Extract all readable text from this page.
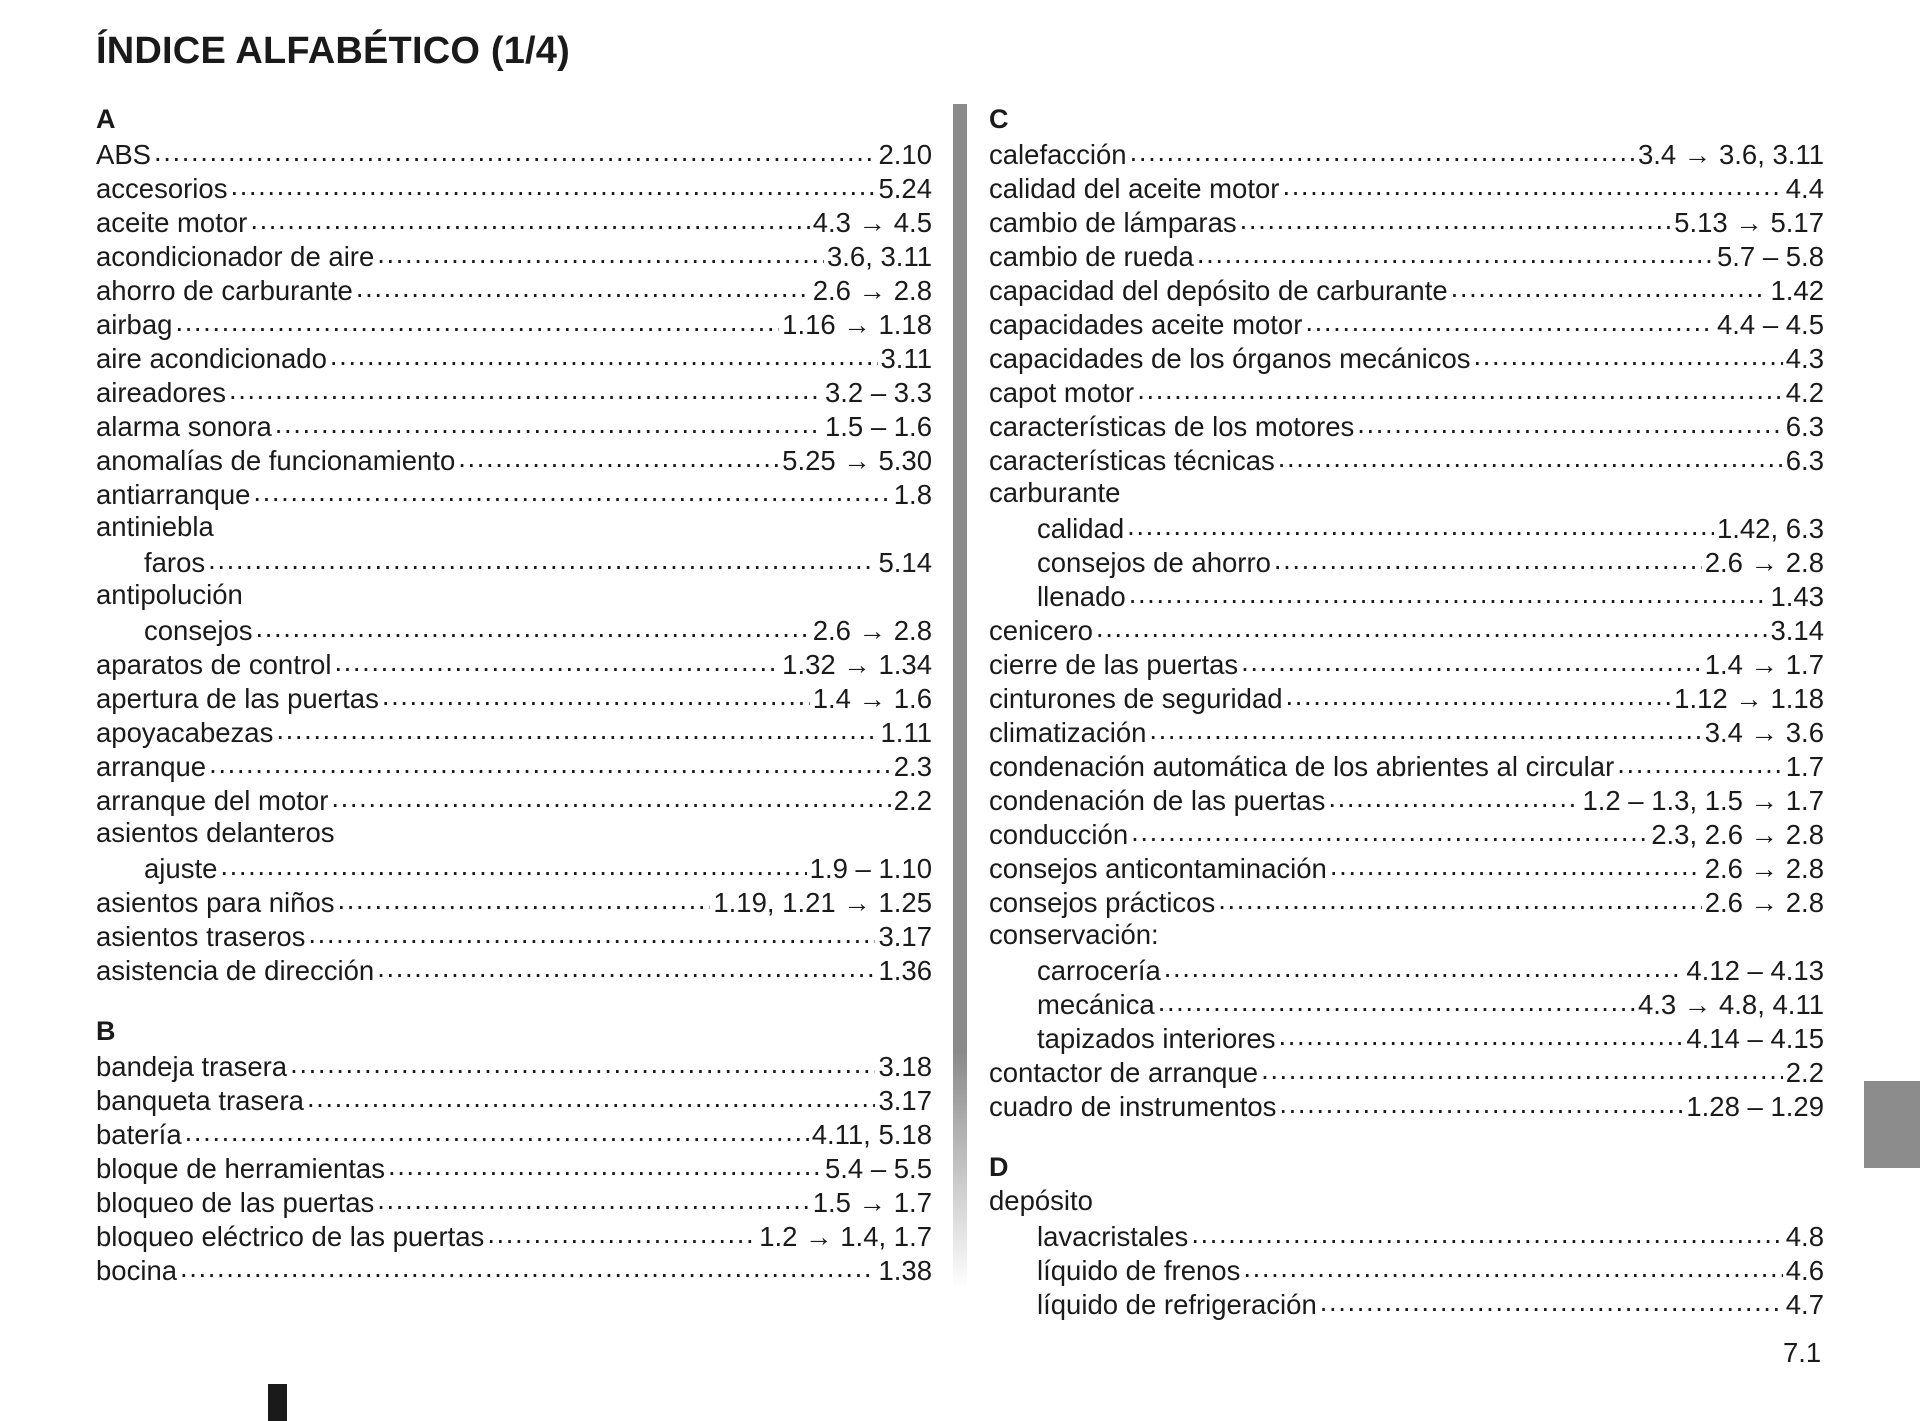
ÍNDICE ALFABÉTICO (1/4)
A
ABS .....	2.10
accesorios .....	5.24
aceite motor .....	4.3 → 4.5
acondicionador de aire .....	3.6, 3.11
ahorro de carburante .....	2.6 → 2.8
airbag .....	1.16 → 1.18
aire acondicionado .....	3.11
aireadores .....	3.2 – 3.3
alarma sonora .....	1.5 – 1.6
anomalías de funcionamiento .....	5.25 → 5.30
antiarranque .....	1.8
antiniebla
faros .....	5.14
antipolución
consejos .....	2.6 → 2.8
aparatos de control .....	1.32 → 1.34
apertura de las puertas .....	1.4 → 1.6
apoyacabezas .....	1.11
arranque .....	2.3
arranque del motor .....	2.2
asientos delanteros
ajuste .....	1.9 – 1.10
asientos para niños .....	1.19, 1.21 → 1.25
asientos traseros .....	3.17
asistencia de dirección .....	1.36
B
bandeja trasera .....	3.18
banqueta trasera .....	3.17
batería .....	4.11, 5.18
bloque de herramientas .....	5.4 – 5.5
bloqueo de las puertas .....	1.5 → 1.7
bloqueo eléctrico de las puertas .....	1.2 → 1.4, 1.7
bocina .....	1.38
C
calefacción .....	3.4 → 3.6, 3.11
calidad del aceite motor .....	4.4
cambio de lámparas .....	5.13 → 5.17
cambio de rueda .....	5.7 – 5.8
capacidad del depósito de carburante .....	1.42
capacidades aceite motor .....	4.4 – 4.5
capacidades de los órganos mecánicos .....	4.3
capot motor .....	4.2
características de los motores .....	6.3
características técnicas .....	6.3
carburante
calidad .....	1.42, 6.3
consejos de ahorro .....	2.6 → 2.8
llenado .....	1.43
cenicero .....	3.14
cierre de las puertas .....	1.4 → 1.7
cinturones de seguridad .....	1.12 → 1.18
climatización .....	3.4 → 3.6
condenación automática de los abrientes al circular .....	1.7
condenación de las puertas .....	1.2 – 1.3, 1.5 → 1.7
conducción .....	2.3, 2.6 → 2.8
consejos anticontaminación .....	2.6 → 2.8
consejos prácticos .....	2.6 → 2.8
conservación:
carrocería .....	4.12 – 4.13
mecánica .....	4.3 → 4.8, 4.11
tapizados interiores .....	4.14 – 4.15
contactor de arranque .....	2.2
cuadro de instrumentos .....	1.28 – 1.29
D
depósito
lavacristales .....	4.8
líquido de frenos .....	4.6
líquido de refrigeración .....	4.7
7.1
